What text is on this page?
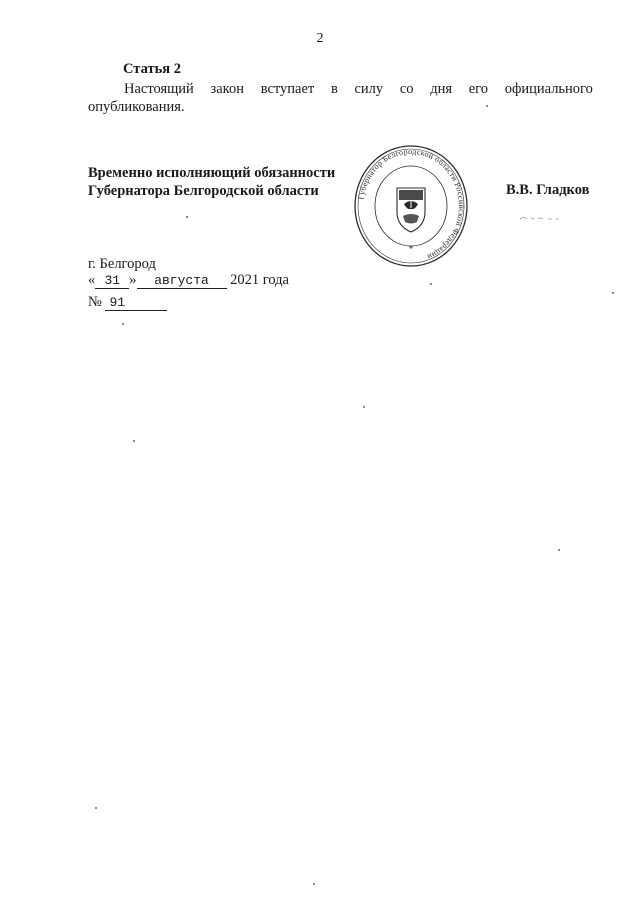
2
Статья 2
Настоящий закон вступает в силу со дня его официального
опубликования.
Временно исполняющий обязанности
Губернатора Белгородской области	Губернатор Белгородской области Российской Федерации
*
В.В. Гладков
г. Белгород
« 31 » августа 2021 года
№ 91
